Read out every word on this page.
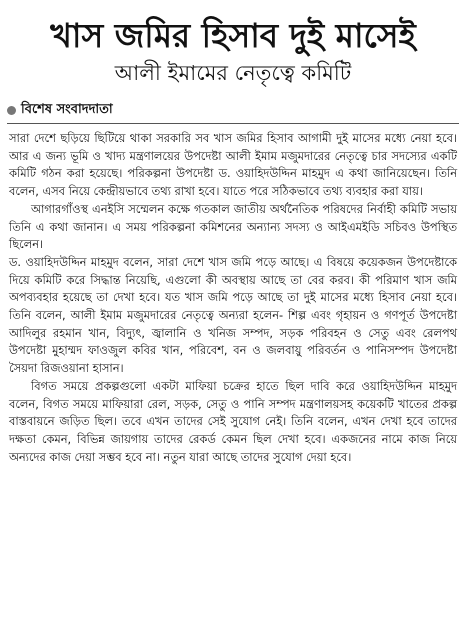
খাস জমির হিসাব দুই মাসেই
আলী ইমামের নেতৃত্বে কমিটি
বিশেষ সংবাদদাতা

সারা দেশে ছড়িয়ে ছিটিয়ে থাকা সরকারি সব খাস জমির হিসাব আগামী দুই মাসের মধ্যে নেয়া হবে। আর এ জন্য ভূমি ও খাদ্য মন্ত্রণালয়ের উপদেষ্টা আলী ইমাম মজুমদারের নেতৃত্বে চার সদস্যের একটি কমিটি গঠন করা হয়েছে। পরিকল্পনা উপদেষ্টা ড. ওয়াহিদউদ্দিন মাহমুদ এ কথা জানিয়েছেন। তিনি বলেন, এসব নিয়ে কেন্দ্রীয়ভাবে তথ্য রাখা হবে। যাতে পরে সঠিকভাবে তথ্য ব্যবহার করা যায়।

আগারগাঁওস্থ এনইসি সম্মেলন কক্ষে গতকাল জাতীয় অর্থনৈতিক পরিষদের নির্বাহী কমিটি সভায় তিনি এ কথা জানান। এ সময় পরিকল্পনা কমিশনের অন্যান্য সদস্য ও আইএমইডি সচিবও উপস্থিত ছিলেন।

ড. ওয়াহিদউদ্দিন মাহমুদ বলেন, সারা দেশে খাস জমি পড়ে আছে। এ বিষয়ে কয়েকজন উপদেষ্টাকে দিয়ে কমিটি করে সিদ্ধান্ত নিয়েছি, এগুলো কী অবস্থায় আছে তা বের করব। কী পরিমাণ খাস জমি অপব্যবহার হয়েছে তা দেখা হবে। যত খাস জমি পড়ে আছে তা দুই মাসের মধ্যে হিসাব নেয়া হবে। তিনি বলেন, আলী ইমাম মজুমদারের নেতৃত্বে অন্যরা হলেন- শিল্প এবং গৃহায়ন ও গণপূর্ত উপদেষ্টা আদিলুর রহমান খান, বিদ্যুৎ, জ্বালানি ও খনিজ সম্পদ, সড়ক পরিবহন ও সেতু এবং রেলপথ উপদেষ্টা মুহাম্মদ ফাওজুল কবির খান, পরিবেশ, বন ও জলবায়ু পরিবর্তন ও পানিসম্পদ উপদেষ্টা সৈয়দা রিজওয়ানা হাসান।

বিগত সময়ে প্রকল্পগুলো একটা মাফিয়া চক্রের হাতে ছিল দাবি করে ওয়াহিদউদ্দিন মাহমুদ বলেন, বিগত সময়ে মাফিয়ারা রেল, সড়ক, সেতু ও পানি সম্পদ মন্ত্রণালয়সহ কয়েকটি খাতের প্রকল্প বাস্তবায়নে জড়িত ছিল। তবে এখন তাদের সেই সুযোগ নেই। তিনি বলেন, এখন দেখা হবে তাদের দক্ষতা কেমন, বিভিন্ন জায়গায় তাদের রেকর্ড কেমন ছিল দেখা হবে। একজনের নামে কাজ নিয়ে অন্যদের কাজ দেয়া সম্ভব হবে না। নতুন যারা আছে তাদের সুযোগ দেয়া হবে।
